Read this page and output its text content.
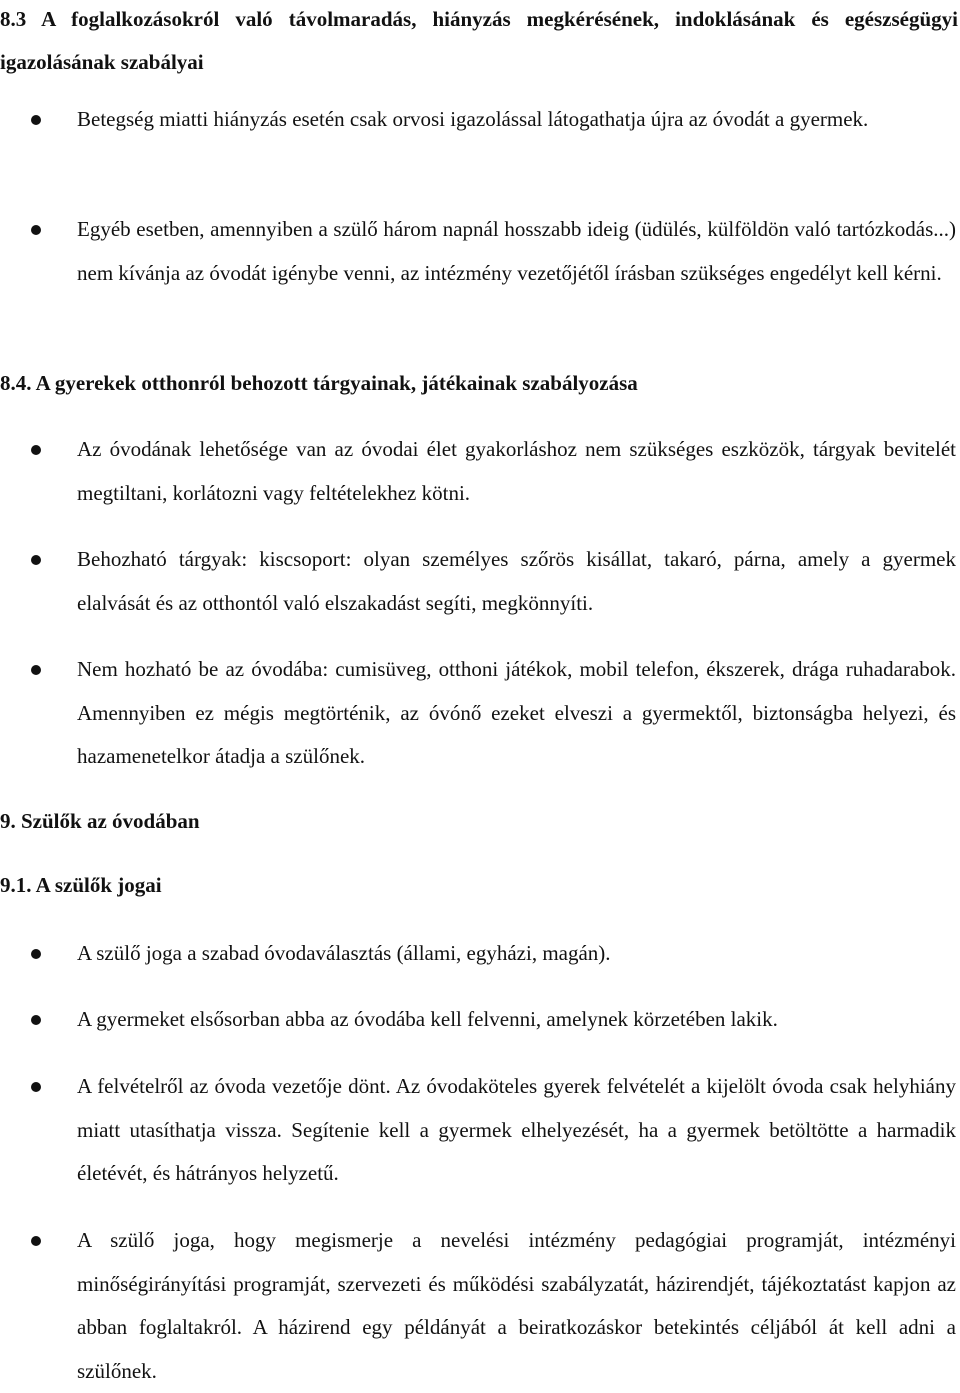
8.3 A foglalkozásokról való távolmaradás, hiányzás megkérésének, indoklásának és egészségügyi igazolásának szabályai

Betegség miatti hiányzás esetén csak orvosi igazolással látogathatja újra az óvodát a gyermek.

Egyéb esetben, amennyiben a szülő három napnál hosszabb ideig (üdülés, külföldön való tartózkodás...) nem kívánja az óvodát igénybe venni, az intézmény vezetőjétől írásban szükséges engedélyt kell kérni.

8.4. A gyerekek otthonról behozott tárgyainak, játékainak szabályozása

Az óvodának lehetősége van az óvodai élet gyakorláshoz nem szükséges eszközök, tárgyak bevitelét megtiltani, korlátozni vagy feltételekhez kötni.

Behozható tárgyak: kiscsoport: olyan személyes szőrös kisállat, takaró, párna, amely a gyermek elalvását és az otthontól való elszakadást segíti, megkönnyíti.

Nem hozható be az óvodába: cumisüveg, otthoni játékok, mobil telefon, ékszerek, drága ruhadarabok. Amennyiben ez mégis megtörténik, az óvónő ezeket elveszi a gyermektől, biztonságba helyezi, és hazamenetelkor átadja a szülőnek.

9. Szülők az óvodában
9.1. A szülők jogai

A szülő joga a szabad óvodaválasztás (állami, egyházi, magán).

A gyermeket elsősorban abba az óvodába kell felvenni, amelynek körzetében lakik.

A felvételről az óvoda vezetője dönt. Az óvodaköteles gyerek felvételét a kijelölt óvoda csak helyhiány miatt utasíthatja vissza. Segítenie kell a gyermek elhelyezését, ha a gyermek betöltötte a harmadik életévét, és hátrányos helyzetű.

A szülő joga, hogy megismerje a nevelési intézmény pedagógiai programját, intézményi minőségirányítási programját, szervezeti és működési szabályzatát, házirendjét, tájékoztatást kapjon az abban foglaltakról. A házirend egy példányát a beiratkozáskor betekintés céljából át kell adni a szülőnek.
